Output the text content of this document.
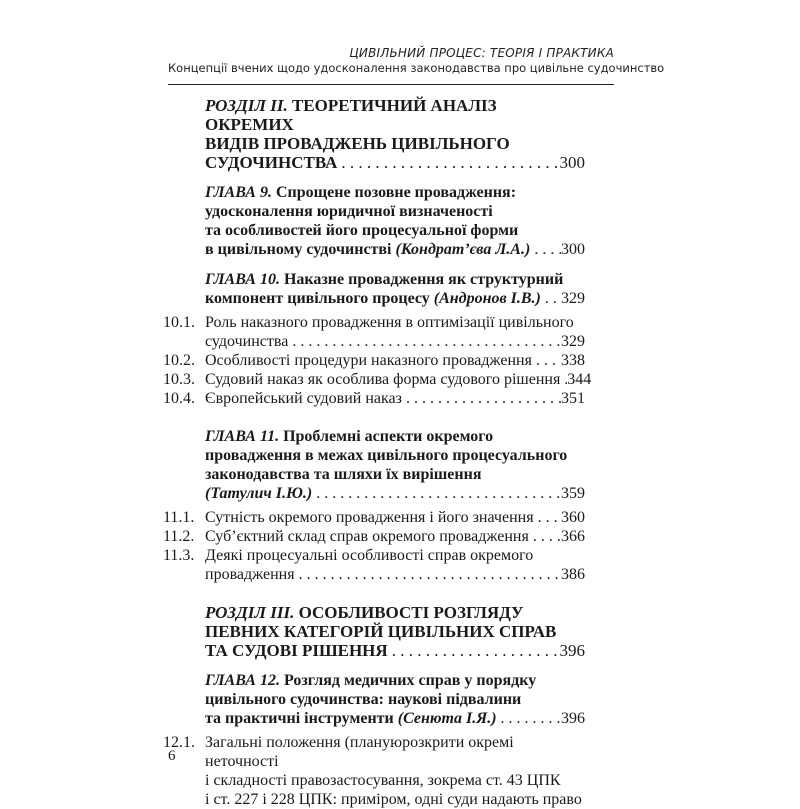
ЦИВІЛЬНИЙ ПРОЦЕС: ТЕОРІЯ І ПРАКТИКА
Концепції вчених щодо удосконалення законодавства про цивільне судочинство
РОЗДІЛ ІІ. ТЕОРЕТИЧНИЙ АНАЛІЗ ОКРЕМИХ
ВИДІВ ПРОВАДЖЕНЬ ЦИВІЛЬНОГО
СУДОЧИНСТВА . . .	300
ГЛАВА 9. Спрощене позовне провадження:
удосконалення юридичної визначеності
та особливостей його процесуальної форми
в цивільному судочинстві (Кондрат’єва Л.А.) . . . 300
ГЛАВА 10. Наказне провадження як структурний
компонент цивільного процесу (Андронов І.В.) . . . 329
10.1. Роль наказного провадження в оптимізації цивільного
судочинства . . .	329
10.2. Особливості процедури наказного провадження . . . 338
10.3. Судовий наказ як особлива форма судового рішення . . . 344
10.4. Європейський судовий наказ . . .	351
ГЛАВА 11. Проблемні аспекти окремого
провадження в межах цивільного процесуального
законодавства та шляхи їх вирішення
(Татулич І.Ю.) . . .	359
11.1. Сутність окремого провадження і його значення . . . 360
11.2. Суб’єктний склад справ окремого провадження . . . 366
11.3. Деякі процесуальні особливості справ окремого
провадження . . .	386
РОЗДІЛ ІІІ. ОСОБЛИВОСТІ РОЗГЛЯДУ
ПЕВНИХ КАТЕГОРІЙ ЦИВІЛЬНИХ СПРАВ
ТА СУДОВІ РІШЕННЯ . . .	396
ГЛАВА 12. Розгляд медичних справ у порядку
цивільного судочинства: наукові підвалини
та практичні інструменти (Сенюта І.Я.) . . .	396
12.1. Загальні положення (плануюрозкрити окремі неточності
і складності правозастосування, зокрема ст. 43 ЦПК
і ст. 227 і 228 ЦПК: приміром, одні суди надають право
6
